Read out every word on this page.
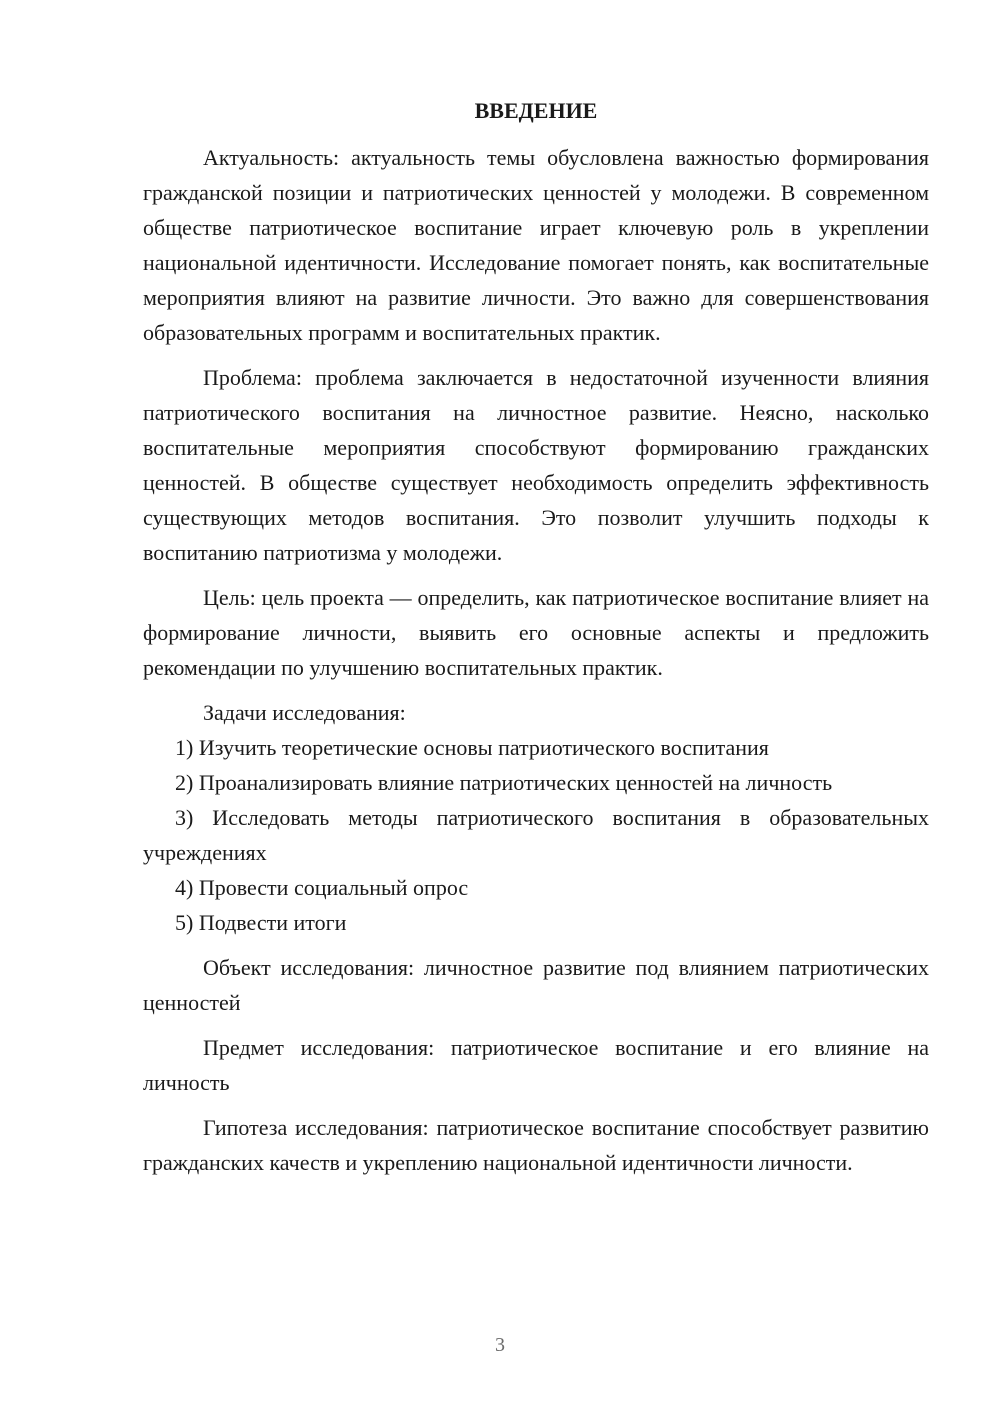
ВВЕДЕНИЕ

Актуальность: актуальность темы обусловлена важностью формирования гражданской позиции и патриотических ценностей у молодежи. В современном обществе патриотическое воспитание играет ключевую роль в укреплении национальной идентичности. Исследование помогает понять, как воспитательные мероприятия влияют на развитие личности. Это важно для совершенствования образовательных программ и воспитательных практик.

Проблема: проблема заключается в недостаточной изученности влияния патриотического воспитания на личностное развитие. Неясно, насколько воспитательные мероприятия способствуют формированию гражданских ценностей. В обществе существует необходимость определить эффективность существующих методов воспитания. Это позволит улучшить подходы к воспитанию патриотизма у молодежи.

Цель: цель проекта — определить, как патриотическое воспитание влияет на формирование личности, выявить его основные аспекты и предложить рекомендации по улучшению воспитательных практик.

Задачи исследования:

1) Изучить теоретические основы патриотического воспитания

2) Проанализировать влияние патриотических ценностей на личность

3) Исследовать методы патриотического воспитания в образовательных учреждениях

4) Провести социальный опрос

5) Подвести итоги

Объект исследования: личностное развитие под влиянием патриотических ценностей

Предмет исследования: патриотическое воспитание и его влияние на личность

Гипотеза исследования: патриотическое воспитание способствует развитию гражданских качеств и укреплению национальной идентичности личности.

3
